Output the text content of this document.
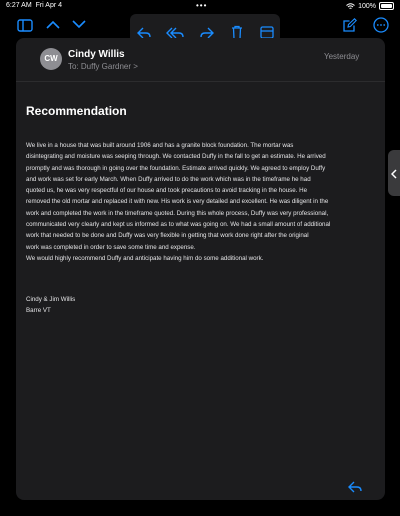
6:27 AM Fri Apr 4	•••	100%
CW	Cindy Willis
To: Duffy Gardner >
Yesterday
Recommendation

We live in a house that was built around 1906 and has a granite block foundation. The mortar was

disintegrating and moisture was seeping through. We contacted Duffy in the fall to get an estimate. He arrived

promptly and was thorough in going over the foundation. Estimate arrived quickly. We agreed to employ Duffy

and work was set for early March. When Duffy arrived to do the work which was in the timeframe he had

quoted us, he was very respectful of our house and took precautions to avoid tracking in the house. He

removed the old mortar and replaced it with new. His work is very detailed and excellent. He was diligent in the

work and completed the work in the timeframe quoted. During this whole process, Duffy was very professional,

communicated very clearly and kept us informed as to what was going on. We had a small amount of additional

work that needed to be done and Duffy was very flexible in getting that work done right after the original

work was completed in order to save some time and expense.

We would highly recommend Duffy and anticipate having him do some additional work.

Cindy & Jim Willis
Barre VT
